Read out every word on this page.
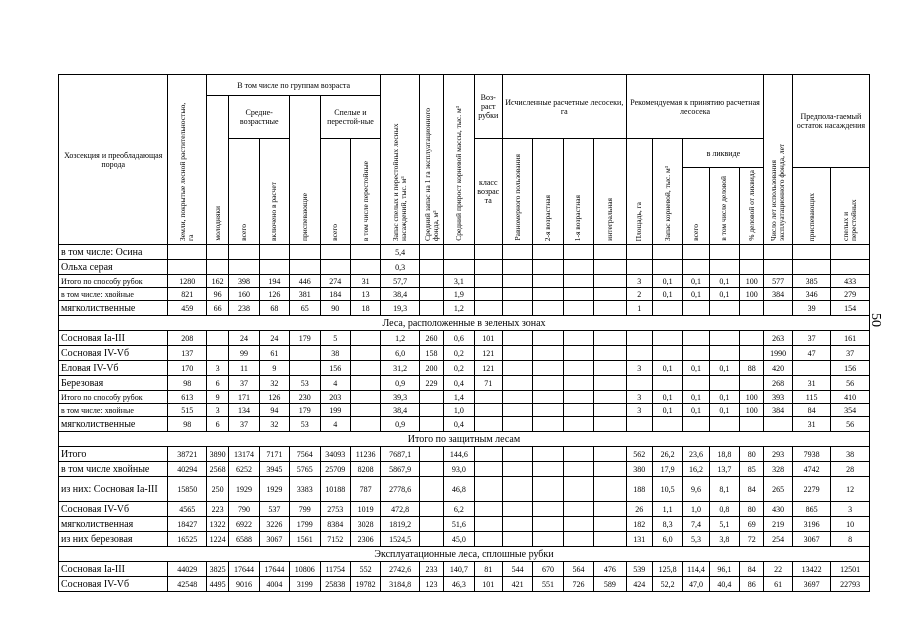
Хозсекция и преобладающая порода	Земли, покрытые лесной растительностью, га	В том числе по группам возраста						Запас спелых и перестойных лесных насаждений, тыс. м³	Средний запас на 1 га эксплуатационного фонда, м³	Средний прирост корневой массы, тыс. м³	Воз-раст рубки	Исчисленные расчетные лесосеки, га				Рекомендуемая к принятию расчетная лесосека					Число лет использования эксплуатационного фонда, лет	Предпола-гаемый остаток насаждения	
		молодняки	Средне-возрастные		приспевающие	Спелые и перестой-ные																	
			всего	включено в расчет		всего	в том числе перестойные				класс возрас та	Равномерного пользования	2-я возрастная	1-я возрастная	интегральная	Площадь, га	Запас корневой, тыс. м³	в ликвиде					
																		всего	в том числе деловой	% деловой от ликвида		приспевающих	спелых и перестойных
в том числе: Осина								5,4															
Ольха серая								0,3															
Итого по способу рубок	1280	162	398	194	446	274	31	57,7		3,1						3	0,1	0,1	0,1	100	577	385	433
в том числе: хвойные	821	96	160	126	381	184	13	38,4		1,9						2	0,1	0,1	0,1	100	384	346	279
мягколиственные	459	66	238	68	65	90	18	19,3		1,2						1						39	154
Леса, расположенные в зеленых зонах																							
Сосновая Ia-III	208		24	24	179	5		1,2	260	0,6	101										263	37	161
Сосновая IV-Vб	137		99	61		38		6,0	158	0,2	121										1990	47	37
Еловая IV-Vб	170	3	11	9		156		31,2	200	0,2	121					3	0,1	0,1	0,1	88	420		156
Березовая	98	6	37	32	53	4		0,9	229	0,4	71										268	31	56
Итого по способу рубок	613	9	171	126	230	203		39,3		1,4						3	0,1	0,1	0,1	100	393	115	410
в том числе: хвойные	515	3	134	94	179	199		38,4		1,0						3	0,1	0,1	0,1	100	384	84	354
мягколиственные	98	6	37	32	53	4		0,9		0,4												31	56
Итого по защитным лесам																							
Итого	38721	3890	13174	7171	7564	34093	11236	7687,1		144,6						562	26,2	23,6	18,8	80	293	7938	38
в том числе хвойные	40294	2568	6252	3945	5765	25709	8208	5867,9		93,0						380	17,9	16,2	13,7	85	328	4742	28
из них: Сосновая Ia-III	15850	250	1929	1929	3383	10188	787	2778,6		46,8						188	10,5	9,6	8,1	84	265	2279	12
Сосновая IV-Vб	4565	223	790	537	799	2753	1019	472,8		6,2						26	1,1	1,0	0,8	80	430	865	3
мягколиственная	18427	1322	6922	3226	1799	8384	3028	1819,2		51,6						182	8,3	7,4	5,1	69	219	3196	10
из них березовая	16525	1224	6588	3067	1561	7152	2306	1524,5		45,0						131	6,0	5,3	3,8	72	254	3067	8
Эксплуатационные леса, сплошные рубки																							
Сосновая Ia-III	44029	3825	17644	17644	10806	11754	552	2742,6	233	140,7	81	544	670	564	476	539	125,8	114,4	96,1	84	22	13422	12501
Сосновая IV-Vб	42548	4495	9016	4004	3199	25838	19782	3184,8	123	46,3	101	421	551	726	589	424	52,2	47,0	40,4	86	61	3697	22793
50
